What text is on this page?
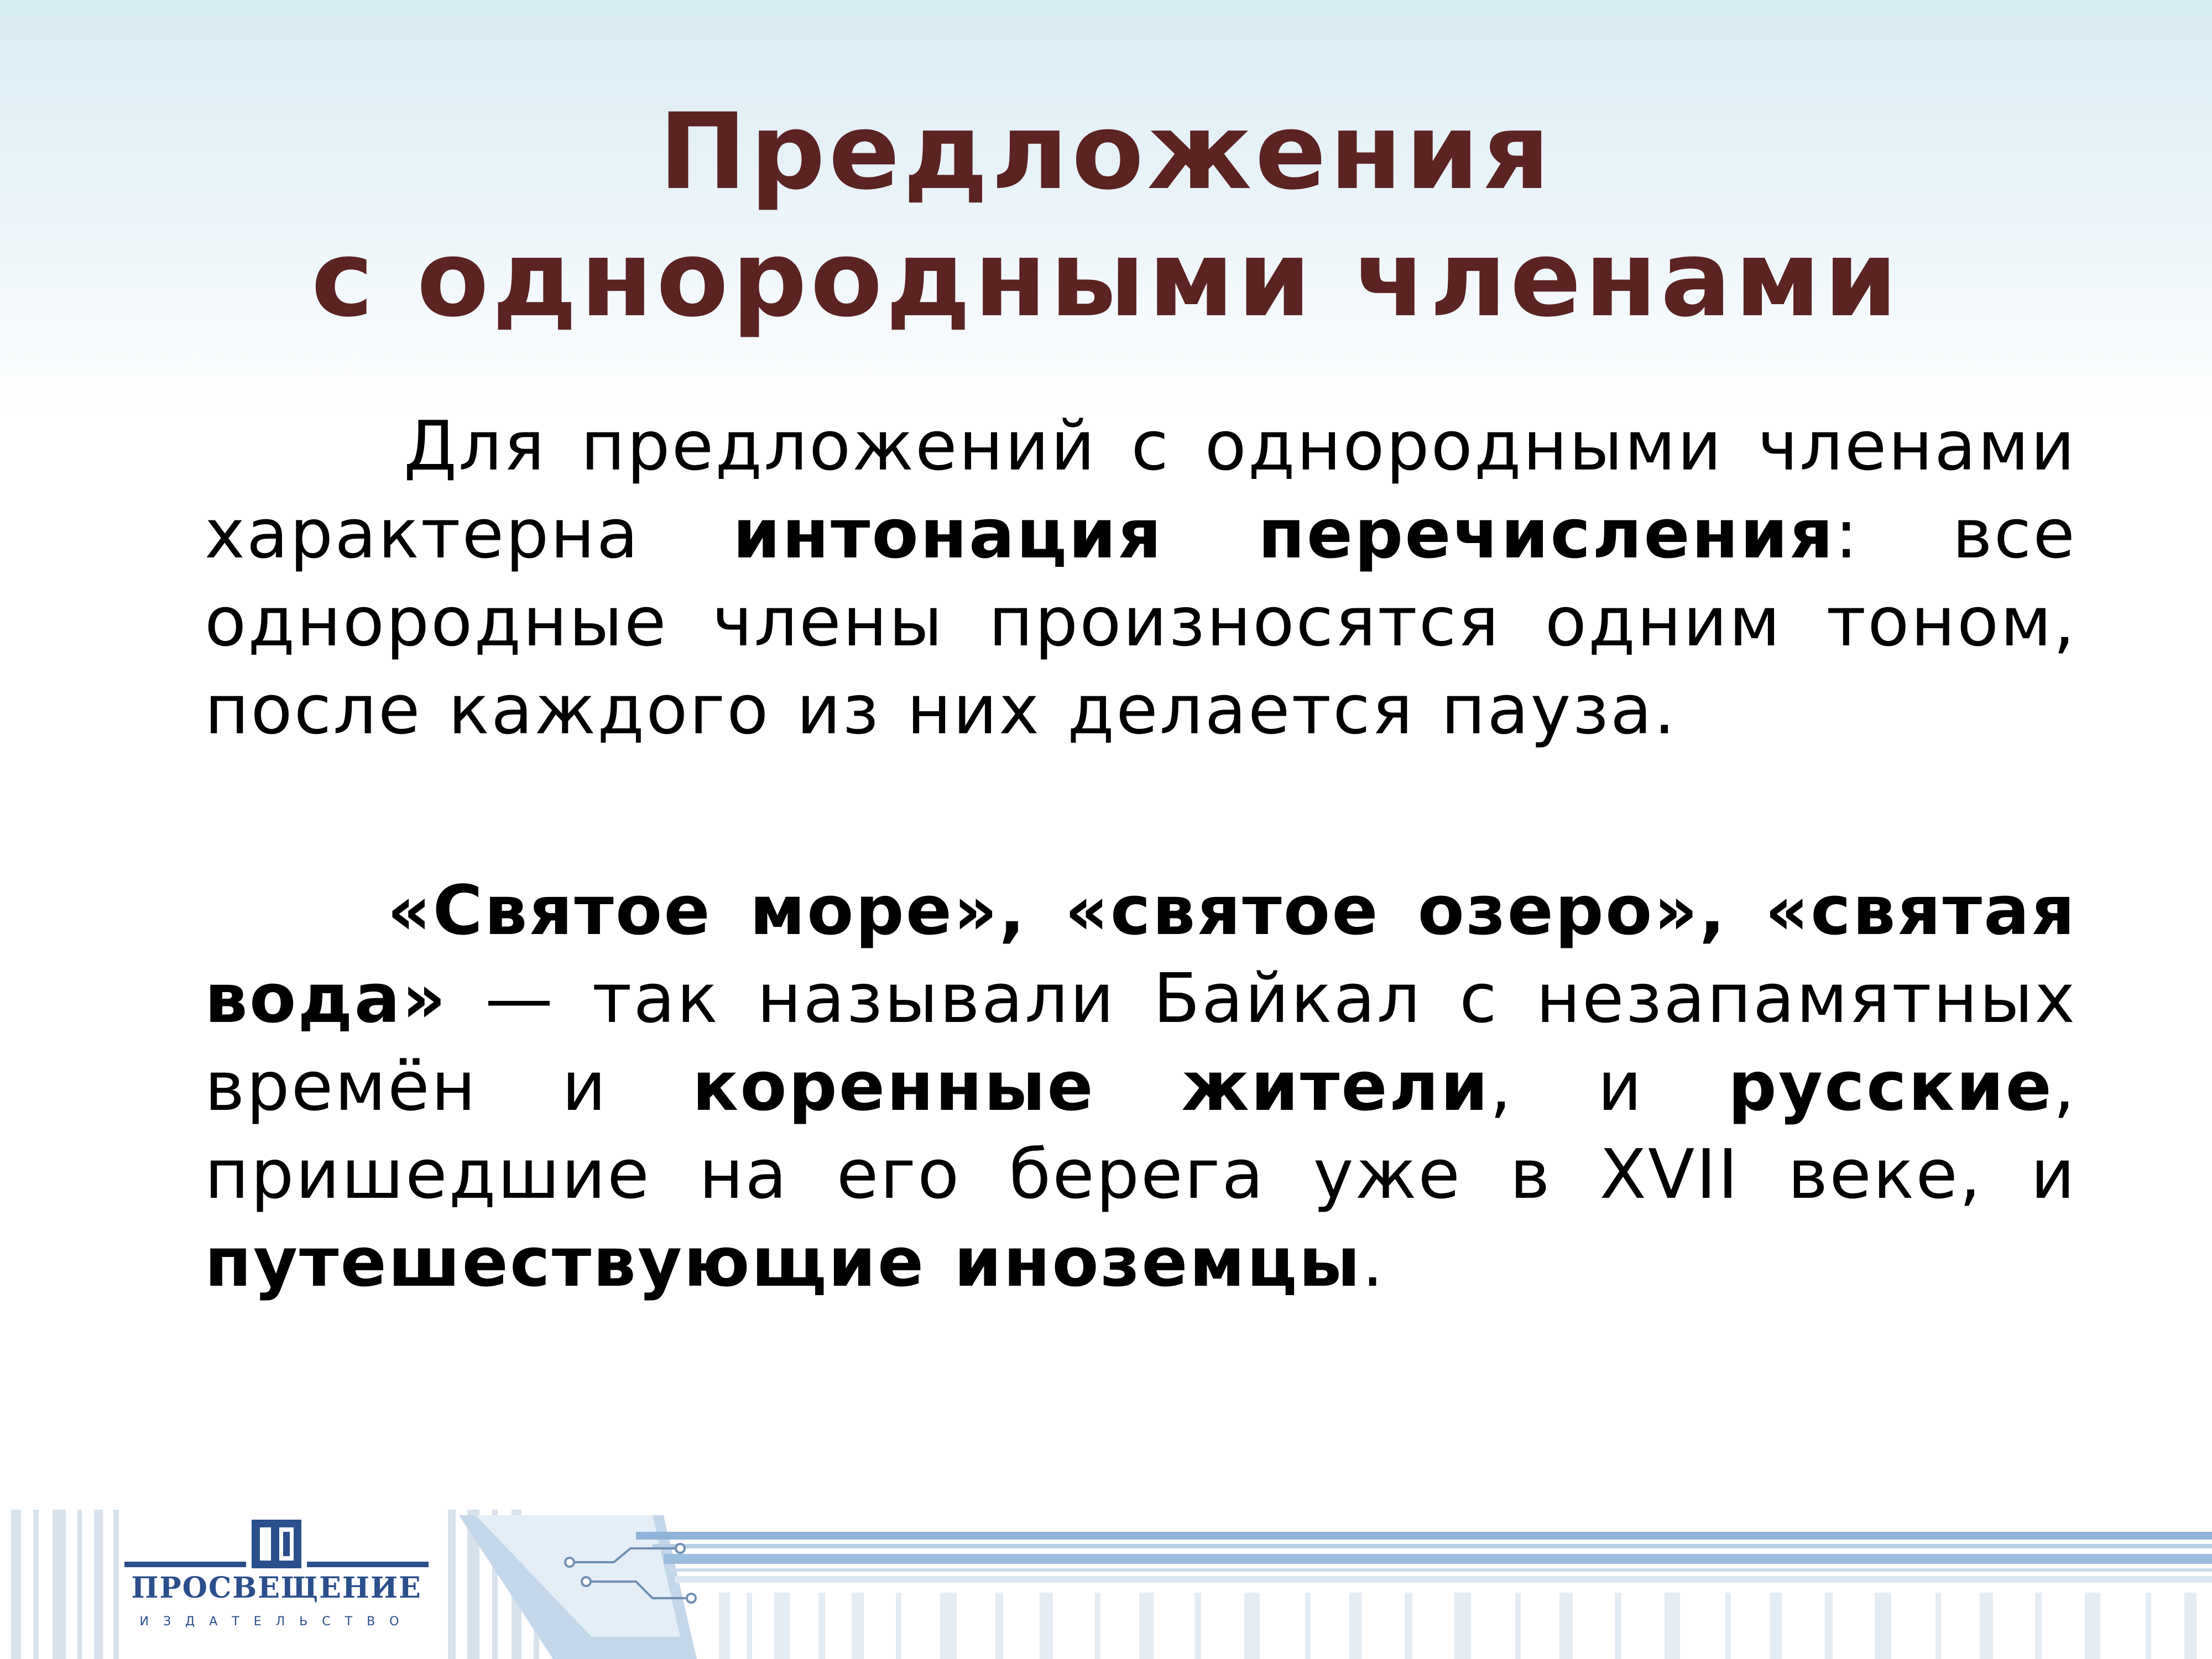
Предложения
с однородными членами
Для предложений с однородными членами характерна интонация перечисления: все однородные члены произносятся одним тоном, после каждого из них делается пауза.
«Святое море», «святое озеро», «святая вода» — так называли Байкал с незапамятных времён и коренные жители, и русские, пришедшие на его берега уже в XVII веке, и путешествующие иноземцы.
ПРОСВЕЩЕНИЕ
ИЗДАТЕЛЬСТВО
